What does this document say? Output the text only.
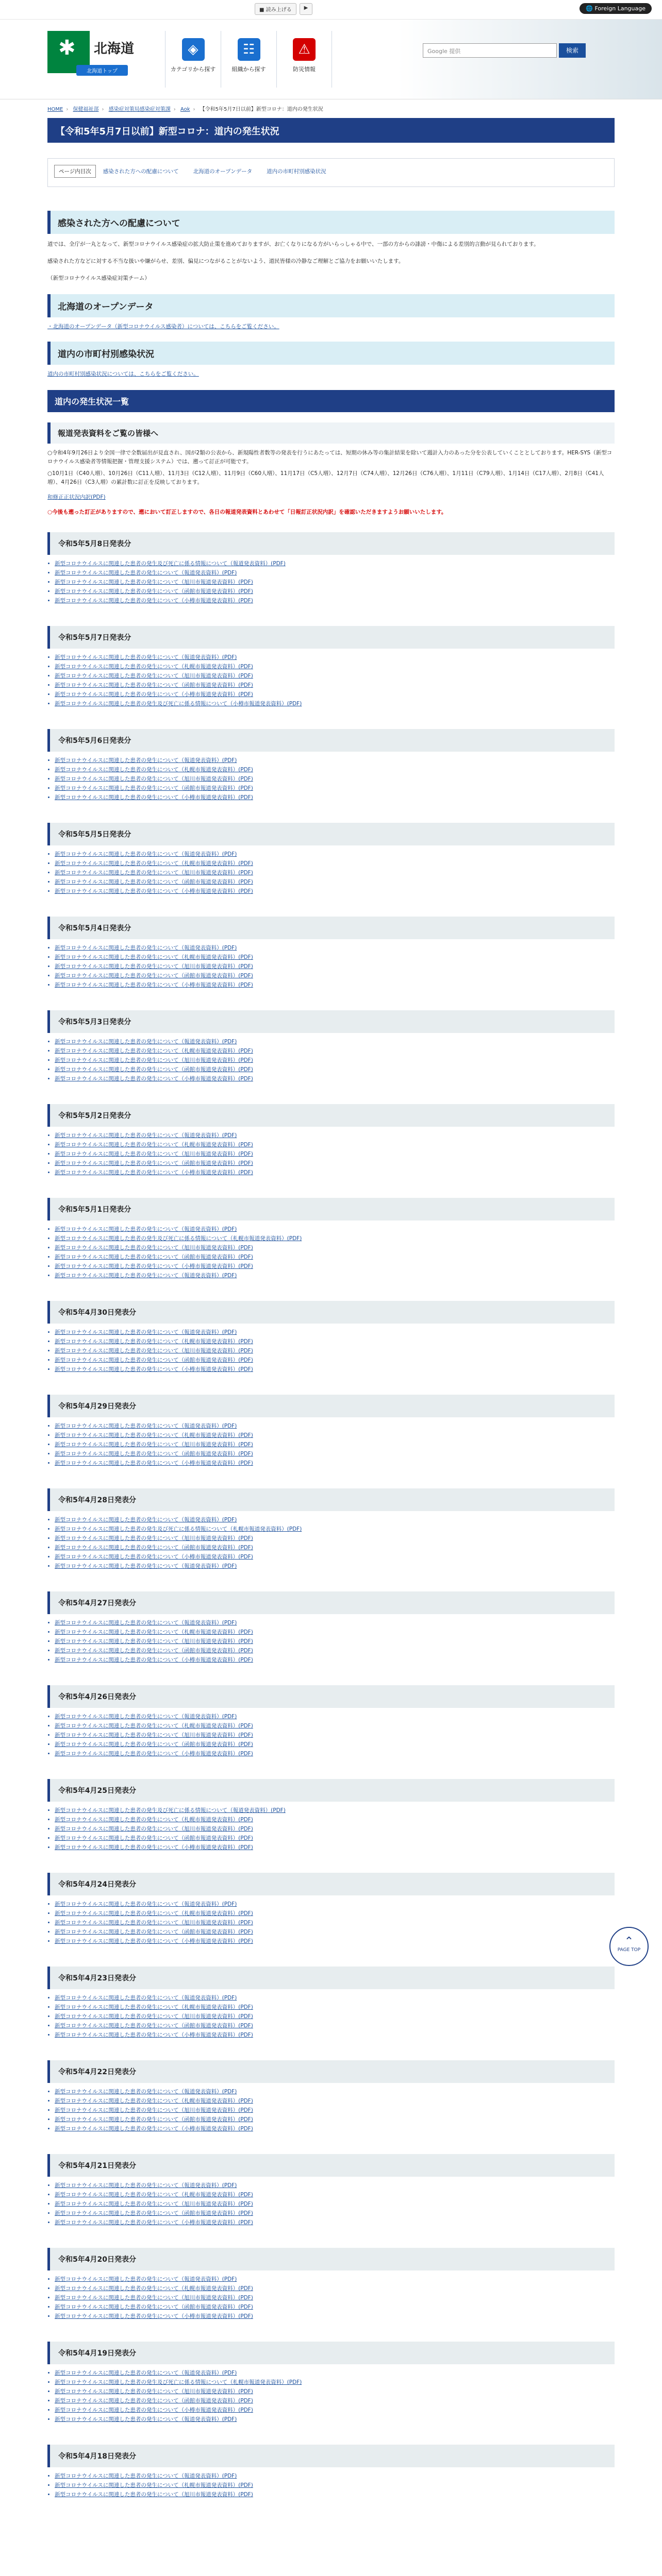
■ 読み上げる	▶	🌐 Foreign Language
✱ 北海道
北海道トップ
◈
カテゴリから探す
☷
組織から探す
⚠
防災情報
Google 提供	検索
HOME › 保健福祉部 › 感染症対策局感染症対策課 › Aok › 【令和5年5月7日以前】新型コロナ：道内の発生状況
【令和5年5月7日以前】新型コロナ：道内の発生状況
ページ内目次	感染された方への配慮について	北海道のオープンデータ	道内の市町村別感染状況
感染された方への配慮について

道では、全庁が一丸となって、新型コロナウイルス感染症の拡大防止策を進めておりますが、お亡くなりになる方がいらっしゃる中で、一部の方からの誹謗・中傷による差別的言動が見られております。

感染された方などに対する不当な扱いや嫌がらせ、差別、偏見につながることがないよう、道民皆様の冷静なご理解とご協力をお願いいたします。

（新型コロナウイルス感染症対策チーム）

北海道のオープンデータ

・北海道のオープンデータ（新型コロナウイルス感染者）については、こちらをご覧ください。

道内の市町村別感染状況

道内の市町村別感染状況については、こちらをご覧ください。

道内の発生状況一覧
報道発表資料をご覧の皆様へ

○令和4年9月26日より全国一律で全数届出が見直され、国が2類の公表から、新規陽性者数等の発表を行うにあたっては、短期の休み等の集計結果を除いて週計入力のあった分を公表していくこととしております。HER-SYS（新型コロナウイルス感染者等情報把握・管理支援システム）では、遡って訂正が可能です。

○10月1日（C40人増）、10月26日（C11人増）、11月3日（C12人増）、11月9日（C60人増）、11月17日（C5人増）、12月7日（C74人増）、12月26日（C76人増）、1月11日（C79人増）、1月14日（C17人増）、2月8日（C41人増）、4月26日（C3人増）の累計数に訂正を反映しております。

和修正正状況内訳(PDF)

○今後も遡った訂正がありますので、遡において訂正しますので、各日の報道発表資料とあわせて「日報訂正状況内訳」を確認いただきますようお願いいたします。

令和5年5月8日発表分
• 新型コロナウイルスに関連した患者の発生及び死亡に係る情報について（報道発表資料）(PDF)
• 新型コロナウイルスに関連した患者の発生について（報道発表資料）(PDF)
• 新型コロナウイルスに関連した患者の発生について（旭川市報道発表資料）(PDF)
• 新型コロナウイルスに関連した患者の発生について（函館市報道発表資料）(PDF)
• 新型コロナウイルスに関連した患者の発生について（小樽市報道発表資料）(PDF)
令和5年5月7日発表分
• 新型コロナウイルスに関連した患者の発生について（報道発表資料）(PDF)
• 新型コロナウイルスに関連した患者の発生について（札幌市報道発表資料）(PDF)
• 新型コロナウイルスに関連した患者の発生について（旭川市報道発表資料）(PDF)
• 新型コロナウイルスに関連した患者の発生について（函館市報道発表資料）(PDF)
• 新型コロナウイルスに関連した患者の発生について（小樽市報道発表資料）(PDF)
• 新型コロナウイルスに関連した患者の発生及び死亡に係る情報について（小樽市報道発表資料）(PDF)
令和5年5月6日発表分
• 新型コロナウイルスに関連した患者の発生について（報道発表資料）(PDF)
• 新型コロナウイルスに関連した患者の発生について（札幌市報道発表資料）(PDF)
• 新型コロナウイルスに関連した患者の発生について（旭川市報道発表資料）(PDF)
• 新型コロナウイルスに関連した患者の発生について（函館市報道発表資料）(PDF)
• 新型コロナウイルスに関連した患者の発生について（小樽市報道発表資料）(PDF)
令和5年5月5日発表分
• 新型コロナウイルスに関連した患者の発生について（報道発表資料）(PDF)
• 新型コロナウイルスに関連した患者の発生について（札幌市報道発表資料）(PDF)
• 新型コロナウイルスに関連した患者の発生について（旭川市報道発表資料）(PDF)
• 新型コロナウイルスに関連した患者の発生について（函館市報道発表資料）(PDF)
• 新型コロナウイルスに関連した患者の発生について（小樽市報道発表資料）(PDF)
令和5年5月4日発表分
• 新型コロナウイルスに関連した患者の発生について（報道発表資料）(PDF)
• 新型コロナウイルスに関連した患者の発生について（札幌市報道発表資料）(PDF)
• 新型コロナウイルスに関連した患者の発生について（旭川市報道発表資料）(PDF)
• 新型コロナウイルスに関連した患者の発生について（函館市報道発表資料）(PDF)
• 新型コロナウイルスに関連した患者の発生について（小樽市報道発表資料）(PDF)
令和5年5月3日発表分
• 新型コロナウイルスに関連した患者の発生について（報道発表資料）(PDF)
• 新型コロナウイルスに関連した患者の発生について（札幌市報道発表資料）(PDF)
• 新型コロナウイルスに関連した患者の発生について（旭川市報道発表資料）(PDF)
• 新型コロナウイルスに関連した患者の発生について（函館市報道発表資料）(PDF)
• 新型コロナウイルスに関連した患者の発生について（小樽市報道発表資料）(PDF)
令和5年5月2日発表分
• 新型コロナウイルスに関連した患者の発生について（報道発表資料）(PDF)
• 新型コロナウイルスに関連した患者の発生について（札幌市報道発表資料）(PDF)
• 新型コロナウイルスに関連した患者の発生について（旭川市報道発表資料）(PDF)
• 新型コロナウイルスに関連した患者の発生について（函館市報道発表資料）(PDF)
• 新型コロナウイルスに関連した患者の発生について（小樽市報道発表資料）(PDF)
令和5年5月1日発表分
• 新型コロナウイルスに関連した患者の発生について（報道発表資料）(PDF)
• 新型コロナウイルスに関連した患者の発生及び死亡に係る情報について（札幌市報道発表資料）(PDF)
• 新型コロナウイルスに関連した患者の発生について（旭川市報道発表資料）(PDF)
• 新型コロナウイルスに関連した患者の発生について（函館市報道発表資料）(PDF)
• 新型コロナウイルスに関連した患者の発生について（小樽市報道発表資料）(PDF)
• 新型コロナウイルスに関連した患者の発生について（報道発表資料）(PDF)
令和5年4月30日発表分
• 新型コロナウイルスに関連した患者の発生について（報道発表資料）(PDF)
• 新型コロナウイルスに関連した患者の発生について（札幌市報道発表資料）(PDF)
• 新型コロナウイルスに関連した患者の発生について（旭川市報道発表資料）(PDF)
• 新型コロナウイルスに関連した患者の発生について（函館市報道発表資料）(PDF)
• 新型コロナウイルスに関連した患者の発生について（小樽市報道発表資料）(PDF)
令和5年4月29日発表分
• 新型コロナウイルスに関連した患者の発生について（報道発表資料）(PDF)
• 新型コロナウイルスに関連した患者の発生について（札幌市報道発表資料）(PDF)
• 新型コロナウイルスに関連した患者の発生について（旭川市報道発表資料）(PDF)
• 新型コロナウイルスに関連した患者の発生について（函館市報道発表資料）(PDF)
• 新型コロナウイルスに関連した患者の発生について（小樽市報道発表資料）(PDF)
令和5年4月28日発表分
• 新型コロナウイルスに関連した患者の発生について（報道発表資料）(PDF)
• 新型コロナウイルスに関連した患者の発生及び死亡に係る情報について（札幌市報道発表資料）(PDF)
• 新型コロナウイルスに関連した患者の発生について（旭川市報道発表資料）(PDF)
• 新型コロナウイルスに関連した患者の発生について（函館市報道発表資料）(PDF)
• 新型コロナウイルスに関連した患者の発生について（小樽市報道発表資料）(PDF)
• 新型コロナウイルスに関連した患者の発生について（報道発表資料）(PDF)
令和5年4月27日発表分
• 新型コロナウイルスに関連した患者の発生について（報道発表資料）(PDF)
• 新型コロナウイルスに関連した患者の発生について（札幌市報道発表資料）(PDF)
• 新型コロナウイルスに関連した患者の発生について（旭川市報道発表資料）(PDF)
• 新型コロナウイルスに関連した患者の発生について（函館市報道発表資料）(PDF)
• 新型コロナウイルスに関連した患者の発生について（小樽市報道発表資料）(PDF)
令和5年4月26日発表分
• 新型コロナウイルスに関連した患者の発生について（報道発表資料）(PDF)
• 新型コロナウイルスに関連した患者の発生について（札幌市報道発表資料）(PDF)
• 新型コロナウイルスに関連した患者の発生について（旭川市報道発表資料）(PDF)
• 新型コロナウイルスに関連した患者の発生について（函館市報道発表資料）(PDF)
• 新型コロナウイルスに関連した患者の発生について（小樽市報道発表資料）(PDF)
令和5年4月25日発表分
• 新型コロナウイルスに関連した患者の発生及び死亡に係る情報について（報道発表資料）(PDF)
• 新型コロナウイルスに関連した患者の発生について（札幌市報道発表資料）(PDF)
• 新型コロナウイルスに関連した患者の発生について（旭川市報道発表資料）(PDF)
• 新型コロナウイルスに関連した患者の発生について（函館市報道発表資料）(PDF)
• 新型コロナウイルスに関連した患者の発生について（小樽市報道発表資料）(PDF)
令和5年4月24日発表分
• 新型コロナウイルスに関連した患者の発生について（報道発表資料）(PDF)
• 新型コロナウイルスに関連した患者の発生について（札幌市報道発表資料）(PDF)
• 新型コロナウイルスに関連した患者の発生について（旭川市報道発表資料）(PDF)
• 新型コロナウイルスに関連した患者の発生について（函館市報道発表資料）(PDF)
• 新型コロナウイルスに関連した患者の発生について（小樽市報道発表資料）(PDF)
令和5年4月23日発表分
• 新型コロナウイルスに関連した患者の発生について（報道発表資料）(PDF)
• 新型コロナウイルスに関連した患者の発生について（札幌市報道発表資料）(PDF)
• 新型コロナウイルスに関連した患者の発生について（旭川市報道発表資料）(PDF)
• 新型コロナウイルスに関連した患者の発生について（函館市報道発表資料）(PDF)
• 新型コロナウイルスに関連した患者の発生について（小樽市報道発表資料）(PDF)
令和5年4月22日発表分
• 新型コロナウイルスに関連した患者の発生について（報道発表資料）(PDF)
• 新型コロナウイルスに関連した患者の発生について（札幌市報道発表資料）(PDF)
• 新型コロナウイルスに関連した患者の発生について（旭川市報道発表資料）(PDF)
• 新型コロナウイルスに関連した患者の発生について（函館市報道発表資料）(PDF)
• 新型コロナウイルスに関連した患者の発生について（小樽市報道発表資料）(PDF)
令和5年4月21日発表分
• 新型コロナウイルスに関連した患者の発生について（報道発表資料）(PDF)
• 新型コロナウイルスに関連した患者の発生について（札幌市報道発表資料）(PDF)
• 新型コロナウイルスに関連した患者の発生について（旭川市報道発表資料）(PDF)
• 新型コロナウイルスに関連した患者の発生について（函館市報道発表資料）(PDF)
• 新型コロナウイルスに関連した患者の発生について（小樽市報道発表資料）(PDF)
令和5年4月20日発表分
• 新型コロナウイルスに関連した患者の発生について（報道発表資料）(PDF)
• 新型コロナウイルスに関連した患者の発生について（札幌市報道発表資料）(PDF)
• 新型コロナウイルスに関連した患者の発生について（旭川市報道発表資料）(PDF)
• 新型コロナウイルスに関連した患者の発生について（函館市報道発表資料）(PDF)
• 新型コロナウイルスに関連した患者の発生について（小樽市報道発表資料）(PDF)
令和5年4月19日発表分
• 新型コロナウイルスに関連した患者の発生について（報道発表資料）(PDF)
• 新型コロナウイルスに関連した患者の発生及び死亡に係る情報について（札幌市報道発表資料）(PDF)
• 新型コロナウイルスに関連した患者の発生について（旭川市報道発表資料）(PDF)
• 新型コロナウイルスに関連した患者の発生について（函館市報道発表資料）(PDF)
• 新型コロナウイルスに関連した患者の発生について（小樽市報道発表資料）(PDF)
• 新型コロナウイルスに関連した患者の発生について（報道発表資料）(PDF)
令和5年4月18日発表分
• 新型コロナウイルスに関連した患者の発生について（報道発表資料）(PDF)
• 新型コロナウイルスに関連した患者の発生について（札幌市報道発表資料）(PDF)
• 新型コロナウイルスに関連した患者の発生について（旭川市報道発表資料）(PDF)
⌃
PAGE TOP
